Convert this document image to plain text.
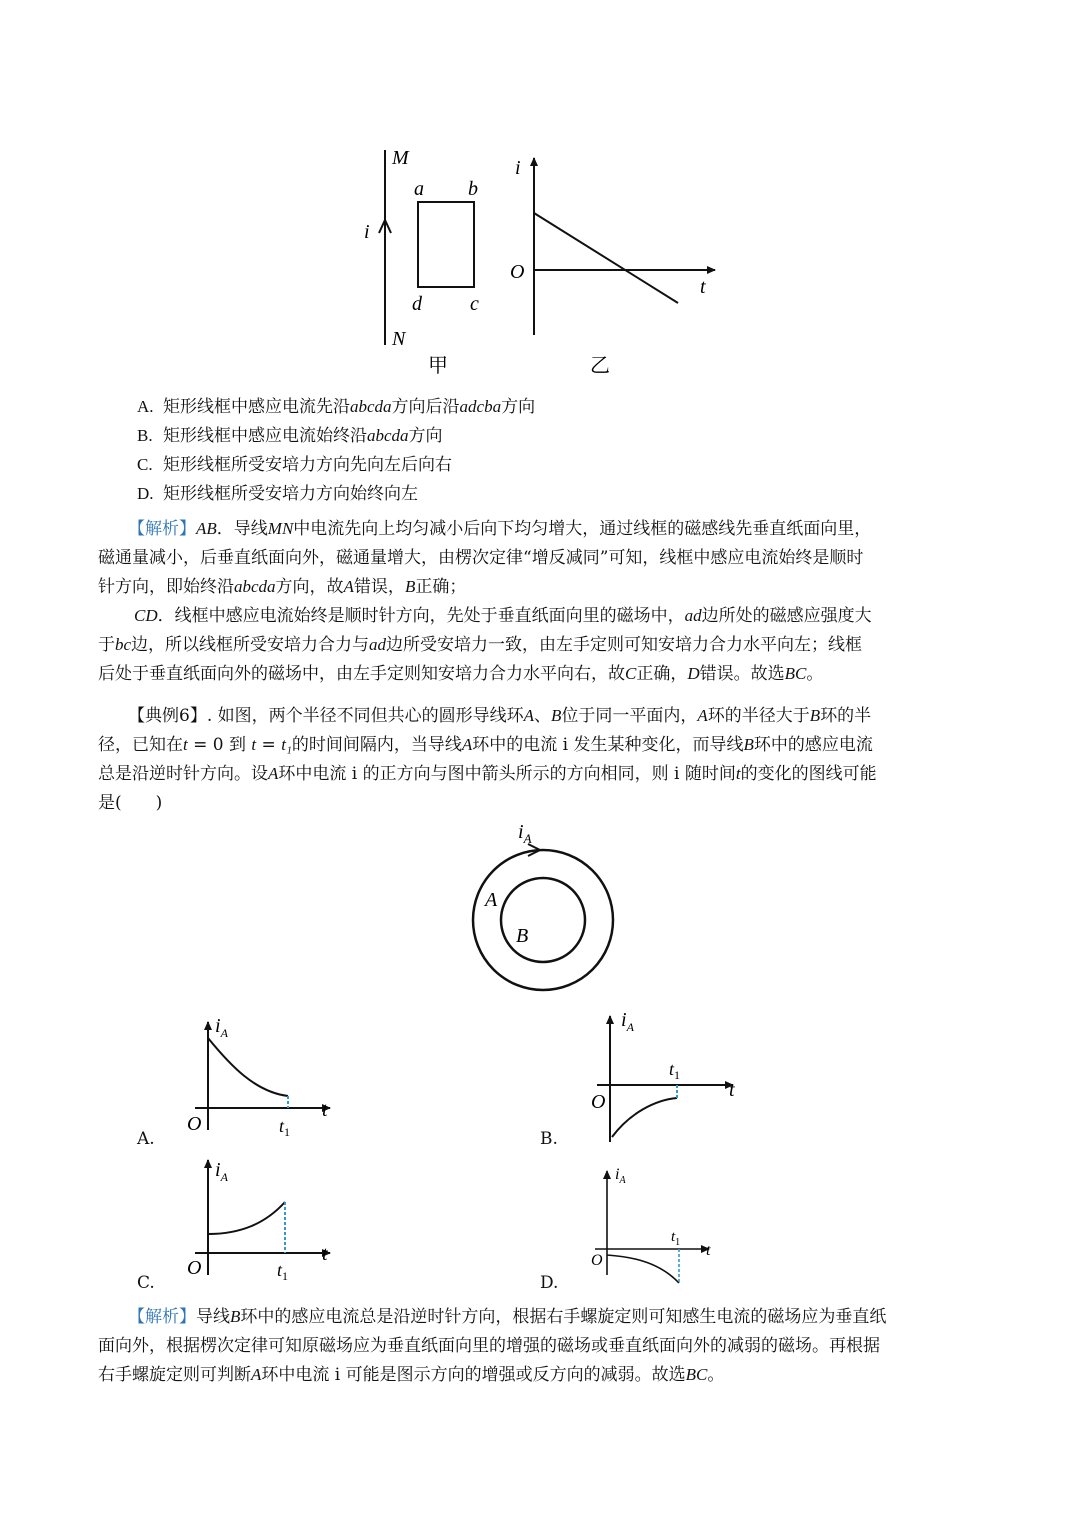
M
N
i
a b
d c
甲
i
O
t
乙
A. 矩形线框中感应电流先沿abcda方向后沿adcba方向
B. 矩形线框中感应电流始终沿abcda方向
C. 矩形线框所受安培力方向先向左后向右
D. 矩形线框所受安培力方向始终向左
【解析】AB．导线MN中电流先向上均匀减小后向下均匀增大，通过线框的磁感线先垂直纸面向里，
磁通量减小，后垂直纸面向外，磁通量增大，由楞次定律“增反减同”可知，线框中感应电流始终是顺时
针方向，即始终沿abcda方向，故A错误，B正确；
CD．线框中感应电流始终是顺时针方向，先处于垂直纸面向里的磁场中，ad边所处的磁感应强度大
于bc边，所以线框所受安培力合力与ad边所受安培力一致，由左手定则可知安培力合力水平向左；线框
后处于垂直纸面向外的磁场中，由左手定则知安培力合力水平向右，故C正确，D错误。故选BC。
【典例6】. 如图，两个半径不同但共心的圆形导线环A、B位于同一平面内，A环的半径大于B环的半
径，已知在t = 0 到 t = t₁的时间间隔内，当导线A环中的电流 i 发生某种变化，而导线B环中的感应电流
总是沿逆时针方向。设A环中电流 i 的正方向与图中箭头所示的方向相同，则 i 随时间t的变化的图线可能
是(　　)
$i_A$
A
B
A.
$i_A$
O
t
$t_1$	B.
$i_A$
O
t
$t_1$
C.
$i_A$
O
t
$t_1$	D.
$i_A$
O
t
$t_1$
【解析】导线B环中的感应电流总是沿逆时针方向，根据右手螺旋定则可知感生电流的磁场应为垂直纸
面向外，根据楞次定律可知原磁场应为垂直纸面向里的增强的磁场或垂直纸面向外的减弱的磁场。再根据
右手螺旋定则可判断A环中电流 i 可能是图示方向的增强或反方向的减弱。故选BC。
